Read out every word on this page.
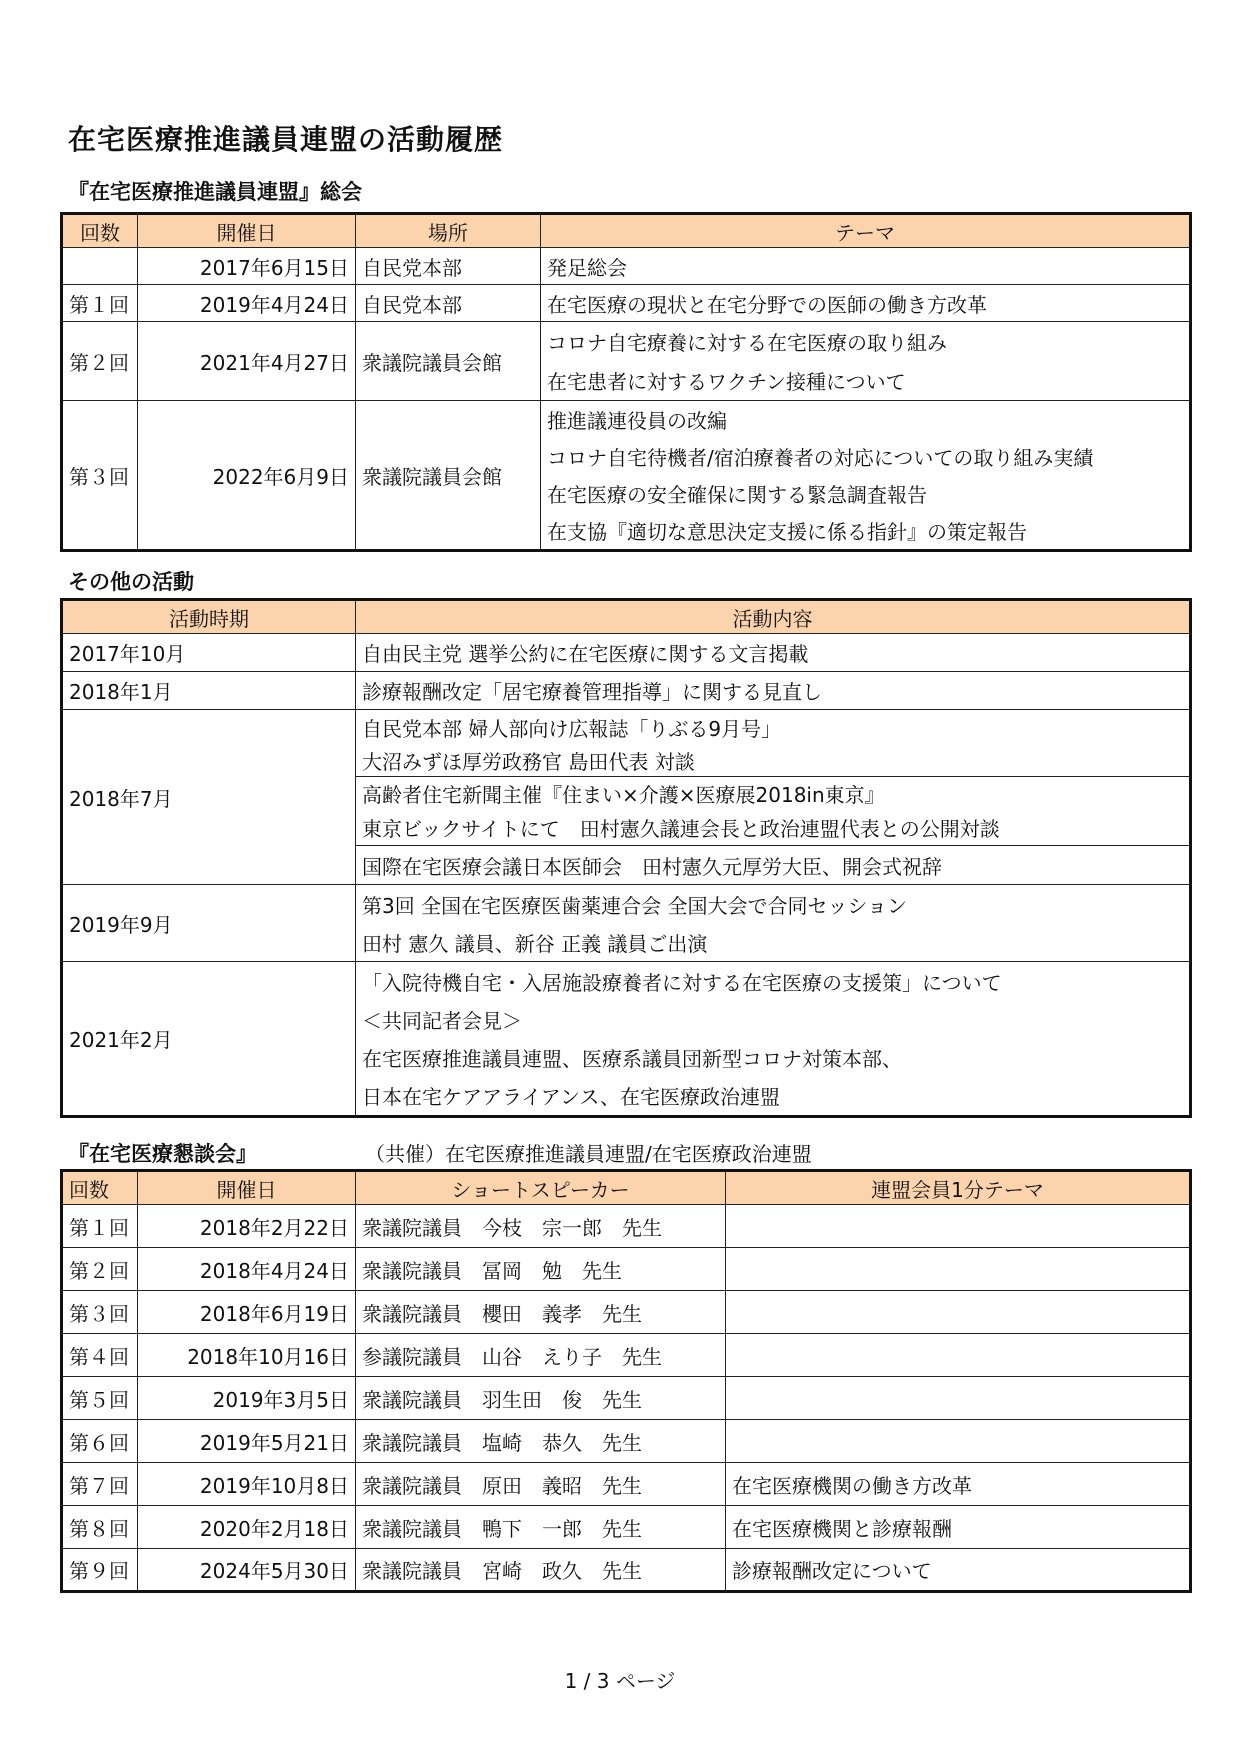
在宅医療推進議員連盟の活動履歴
『在宅医療推進議員連盟』総会
回数	開催日	場所	テーマ
	2017年6月15日	自民党本部	発足総会
第１回	2019年4月24日	自民党本部	在宅医療の現状と在宅分野での医師の働き方改革
第２回	2021年4月27日	衆議院議員会館	コロナ自宅療養に対する在宅医療の取り組み
在宅患者に対するワクチン接種について

第３回	2022年6月9日	衆議院議員会館	推進議連役員の改編
コロナ自宅待機者/宿泊療養者の対応についての取り組み実績
在宅医療の安全確保に関する緊急調査報告
在支協『適切な意思決定支援に係る指針』の策定報告
その他の活動
活動時期	活動内容
2017年10月	自由民主党 選挙公約に在宅医療に関する文言掲載
2018年1月	診療報酬改定「居宅療養管理指導」に関する見直し
2018年7月	自民党本部 婦人部向け広報誌「りぶる9月号」
大沼みずほ厚労政務官 島田代表 対談
高齢者住宅新聞主催『住まい×介護×医療展2018in東京』
東京ビックサイトにて　田村憲久議連会長と政治連盟代表との公開対談
国際在宅医療会議日本医師会　田村憲久元厚労大臣、開会式祝辞

2019年9月	第3回 全国在宅医療医歯薬連合会 全国大会で合同セッション
田村 憲久 議員、新谷 正義 議員ご出演

2021年2月	「入院待機自宅・入居施設療養者に対する在宅医療の支援策」について
＜共同記者会見＞
在宅医療推進議員連盟、医療系議員団新型コロナ対策本部、
日本在宅ケアアライアンス、在宅医療政治連盟
『在宅医療懇談会』	（共催）在宅医療推進議員連盟/在宅医療政治連盟
回数	開催日	ショートスピーカー	連盟会員1分テーマ
第１回	2018年2月22日	衆議院議員　今枝　宗一郎　先生	
第２回	2018年4月24日	衆議院議員　冨岡　勉　先生	
第３回	2018年6月19日	衆議院議員　櫻田　義孝　先生	
第４回	2018年10月16日	参議院議員　山谷　えり子　先生	
第５回	2019年3月5日	衆議院議員　羽生田　俊　先生	
第６回	2019年5月21日	衆議院議員　塩崎　恭久　先生	
第７回	2019年10月8日	衆議院議員　原田　義昭　先生	在宅医療機関の働き方改革
第８回	2020年2月18日	衆議院議員　鴨下　一郎　先生	在宅医療機関と診療報酬
第９回	2024年5月30日	衆議院議員　宮崎　政久　先生	診療報酬改定について
1 / 3 ページ
